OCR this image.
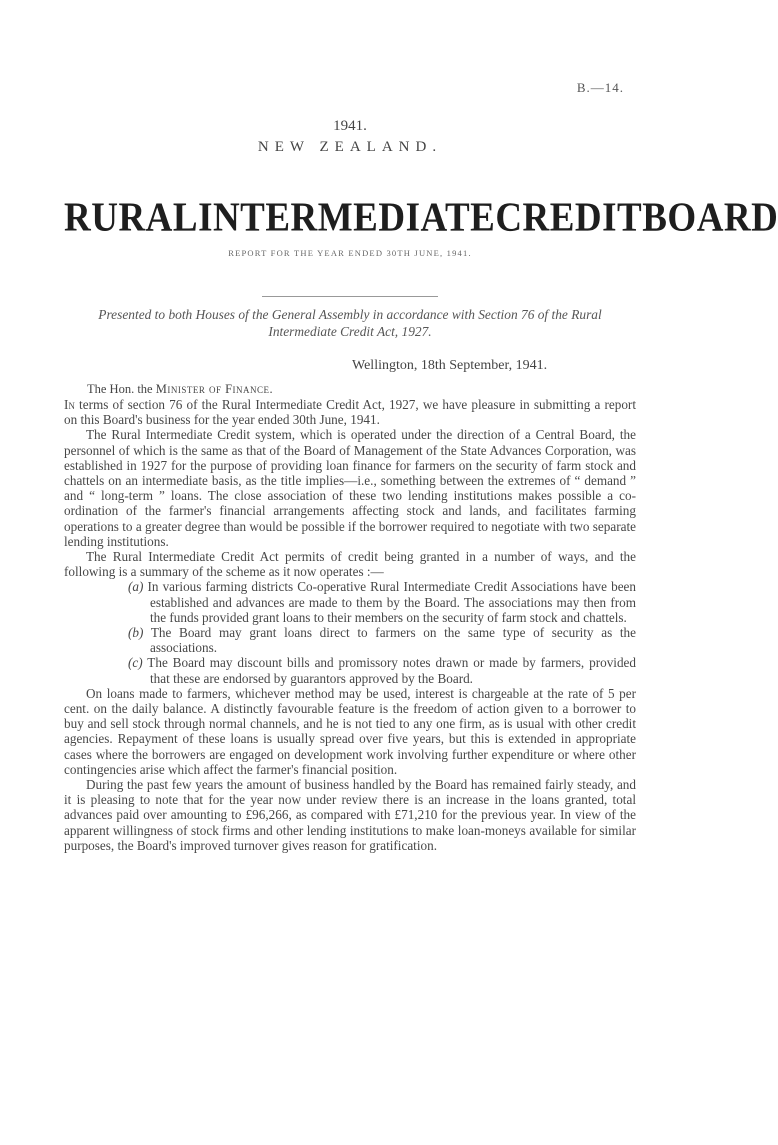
B.—14.
1941.
NEW ZEALAND.
RURAL INTERMEDIATE CREDIT BOARD
REPORT FOR THE YEAR ENDED 30TH JUNE, 1941.
Presented to both Houses of the General Assembly in accordance with Section 76 of the Rural Intermediate Credit Act, 1927.
Wellington, 18th September, 1941.
The Hon. the Minister of Finance.

In terms of section 76 of the Rural Intermediate Credit Act, 1927, we have pleasure in submitting a report on this Board's business for the year ended 30th June, 1941.

The Rural Intermediate Credit system, which is operated under the direction of a Central Board, the personnel of which is the same as that of the Board of Management of the State Advances Corporation, was established in 1927 for the purpose of providing loan finance for farmers on the security of farm stock and chattels on an intermediate basis, as the title implies—i.e., something between the extremes of “ demand ” and “ long-term ” loans. The close association of these two lending institutions makes possible a co-ordination of the farmer's financial arrangements affecting stock and lands, and facilitates farming operations to a greater degree than would be possible if the borrower required to negotiate with two separate lending institutions.

The Rural Intermediate Credit Act permits of credit being granted in a number of ways, and the following is a summary of the scheme as it now operates :—

(a) In various farming districts Co-operative Rural Intermediate Credit Associations have been established and advances are made to them by the Board. The associations may then from the funds provided grant loans to their members on the security of farm stock and chattels.
(b) The Board may grant loans direct to farmers on the same type of security as the associations.
(c) The Board may discount bills and promissory notes drawn or made by farmers, provided that these are endorsed by guarantors approved by the Board.

On loans made to farmers, whichever method may be used, interest is chargeable at the rate of 5 per cent. on the daily balance. A distinctly favourable feature is the freedom of action given to a borrower to buy and sell stock through normal channels, and he is not tied to any one firm, as is usual with other credit agencies. Repayment of these loans is usually spread over five years, but this is extended in appropriate cases where the borrowers are engaged on development work involving further expenditure or where other contingencies arise which affect the farmer's financial position.

During the past few years the amount of business handled by the Board has remained fairly steady, and it is pleasing to note that for the year now under review there is an increase in the loans granted, total advances paid over amounting to £96,266, as compared with £71,210 for the previous year. In view of the apparent willingness of stock firms and other lending institutions to make loan-moneys available for similar purposes, the Board's improved turnover gives reason for gratification.
